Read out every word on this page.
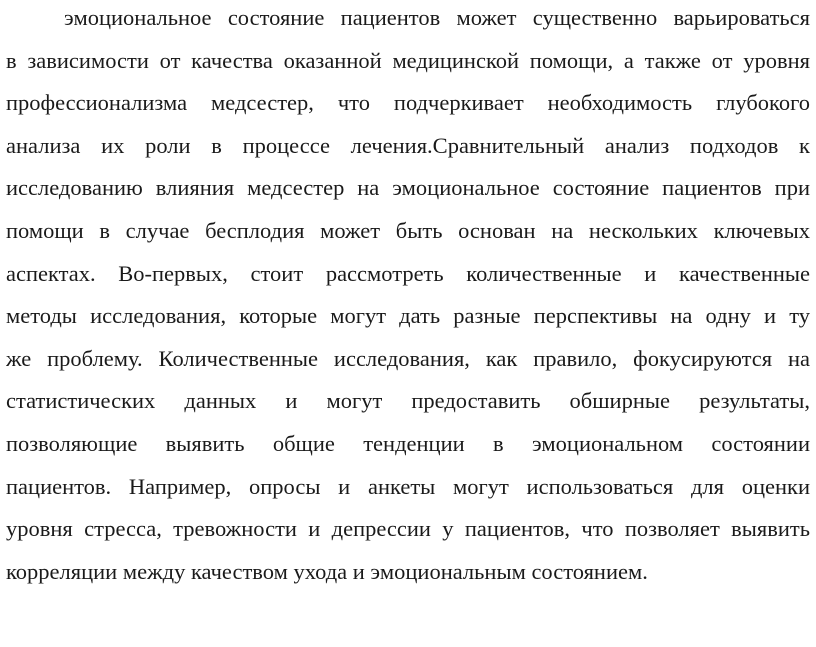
эмоциональное состояние пациентов может существенно варьироваться
в зависимости от качества оказанной медицинской помощи, а также от уровня
профессионализма медсестер, что подчеркивает необходимость глубокого
анализа их роли в процессе лечения.Сравнительный анализ подходов к
исследованию влияния медсестер на эмоциональное состояние пациентов при
помощи в случае бесплодия может быть основан на нескольких ключевых
аспектах. Во-первых, стоит рассмотреть количественные и качественные
методы исследования, которые могут дать разные перспективы на одну и ту
же проблему. Количественные исследования, как правило, фокусируются на
статистических данных и могут предоставить обширные результаты,
позволяющие выявить общие тенденции в эмоциональном состоянии
пациентов. Например, опросы и анкеты могут использоваться для оценки
уровня стресса, тревожности и депрессии у пациентов, что позволяет выявить
корреляции между качеством ухода и эмоциональным состоянием.
